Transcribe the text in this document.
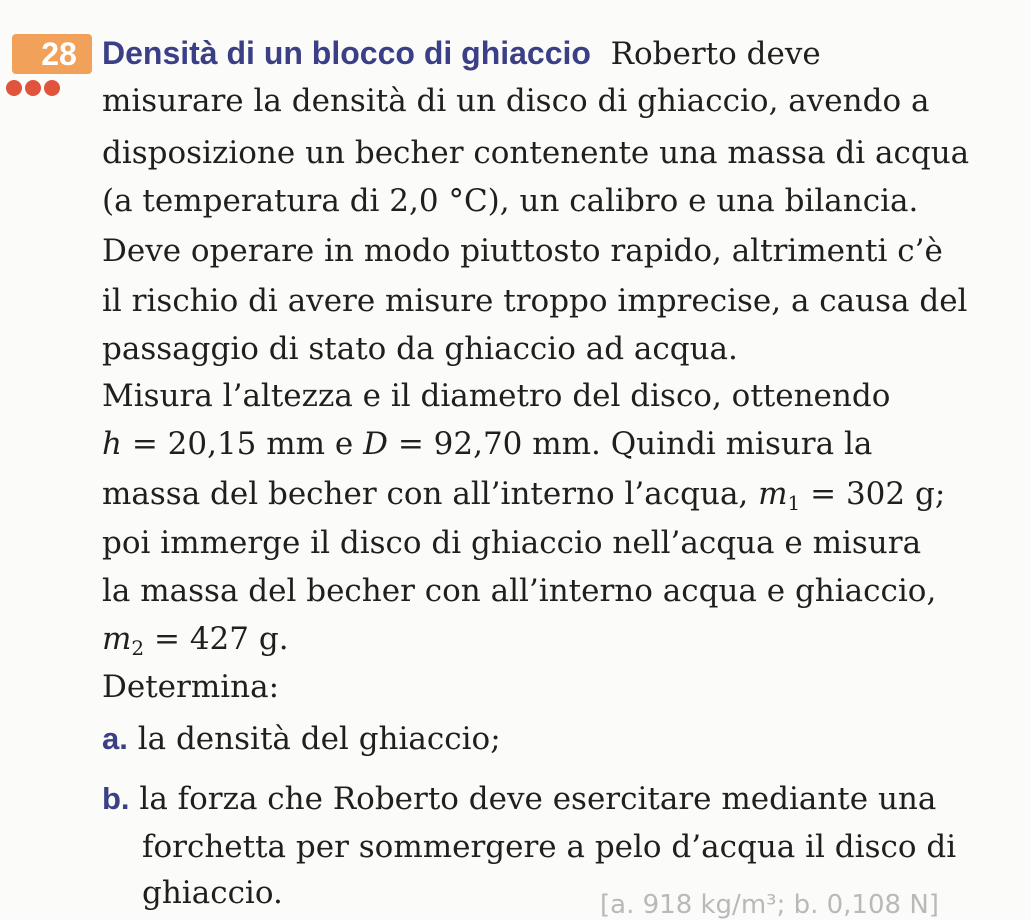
28 Densità di un blocco di ghiaccio Roberto deve
misurare la densità di un disco di ghiaccio, avendo a
disposizione un becher contenente una massa di acqua
(a temperatura di 2,0 °C), un calibro e una bilancia.
Deve operare in modo piuttosto rapido, altrimenti c’è
il rischio di avere misure troppo imprecise, a causa del
passaggio di stato da ghiaccio ad acqua.
Misura l’altezza e il diametro del disco, ottenendo
h = 20,15 mm e D = 92,70 mm. Quindi misura la
massa del becher con all’interno l’acqua, $m_1 = 302$ g;
poi immerge il disco di ghiaccio nell’acqua e misura
la massa del becher con all’interno acqua e ghiaccio,
$m_2 = 427$ g.
Determina:
a. la densità del ghiaccio;
b. la forza che Roberto deve esercitare mediante una
forchetta per sommergere a pelo d’acqua il disco di
ghiaccio.	[a. 918 kg/m³; b. 0,108 N]
